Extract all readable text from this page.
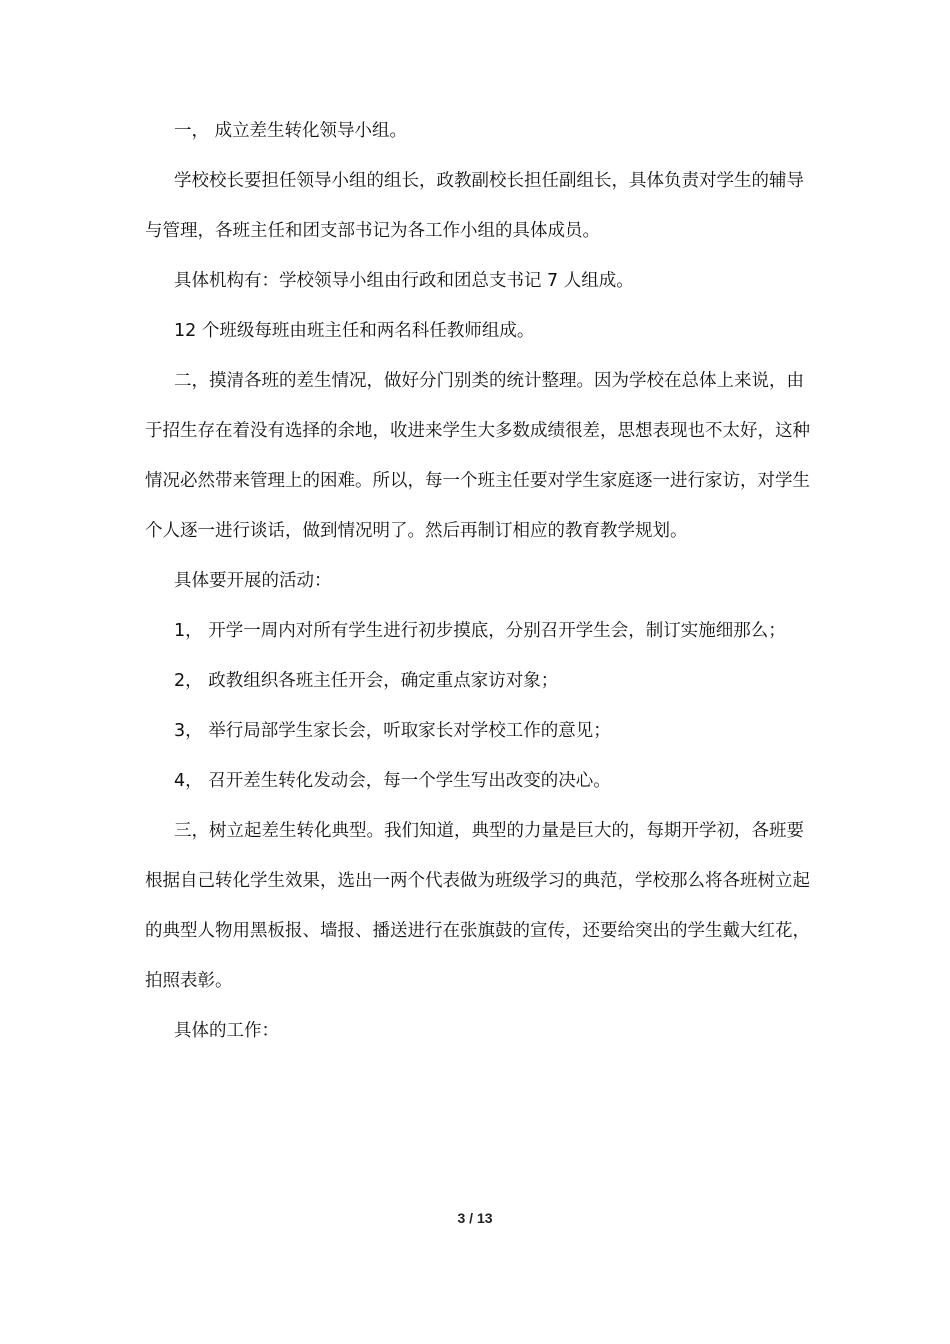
一， 成立差生转化领导小组。

学校校长要担任领导小组的组长，政教副校长担任副组长，具体负责对学生的辅导与管理，各班主任和团支部书记为各工作小组的具体成员。

具体机构有：学校领导小组由行政和团总支书记 7 人组成。

12 个班级每班由班主任和两名科任教师组成。

二，摸清各班的差生情况，做好分门别类的统计整理。因为学校在总体上来说，由于招生存在着没有选择的余地，收进来学生大多数成绩很差，思想表现也不太好，这种情况必然带来管理上的困难。所以，每一个班主任要对学生家庭逐一进行家访，对学生个人逐一进行谈话，做到情况明了。然后再制订相应的教育教学规划。

具体要开展的活动：

1， 开学一周内对所有学生进行初步摸底，分别召开学生会，制订实施细那么；

2， 政教组织各班主任开会，确定重点家访对象；

3， 举行局部学生家长会，听取家长对学校工作的意见；

4， 召开差生转化发动会，每一个学生写出改变的决心。

三，树立起差生转化典型。我们知道，典型的力量是巨大的，每期开学初，各班要根据自己转化学生效果，选出一两个代表做为班级学习的典范，学校那么将各班树立起的典型人物用黑板报、墙报、播送进行在张旗鼓的宣传，还要给突出的学生戴大红花，拍照表彰。

具体的工作：

3 / 13
